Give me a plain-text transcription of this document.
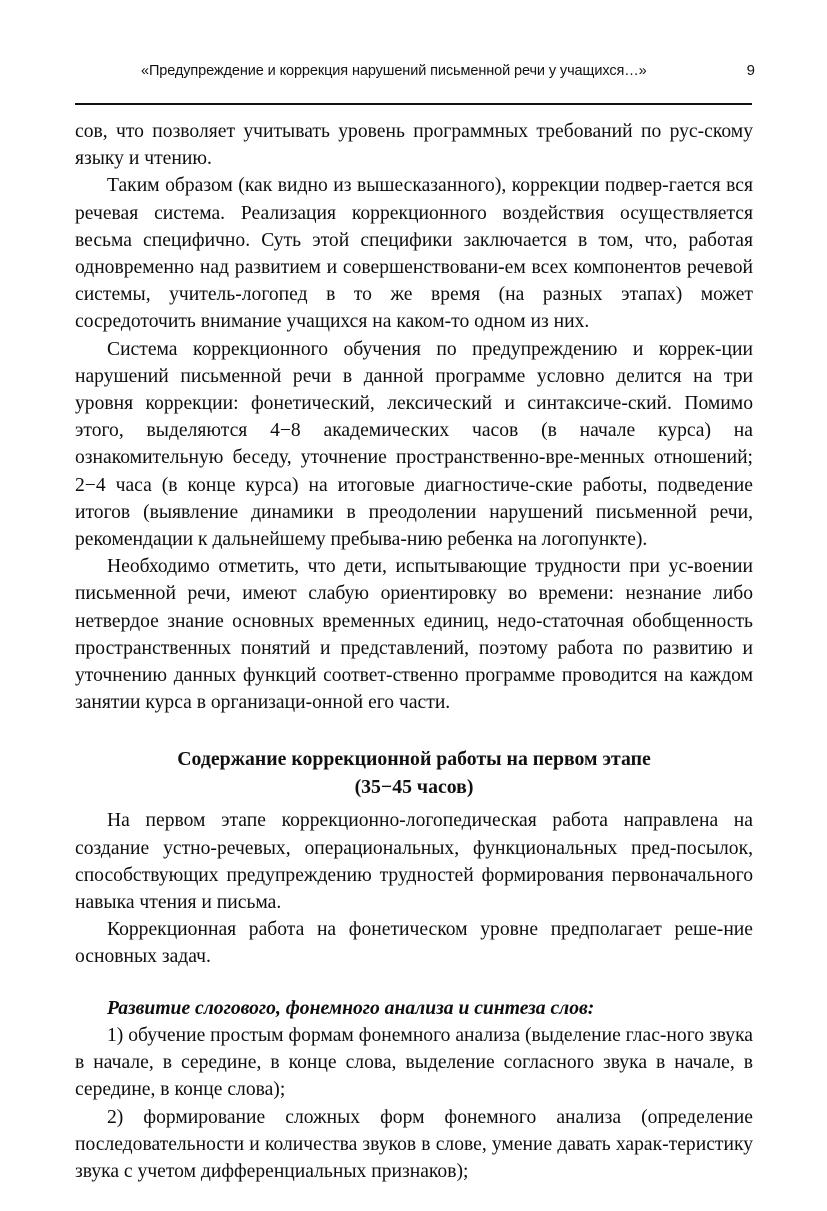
«Предупреждение и коррекция нарушений письменной речи у учащихся…»	9

сов, что позволяет учитывать уровень программных требований по рус-скому языку и чтению.

Таким образом (как видно из вышесказанного), коррекции подвер-гается вся речевая система. Реализация коррекционного воздействия осуществляется весьма специфично. Суть этой специфики заключается в том, что, работая одновременно над развитием и совершенствовани-ем всех компонентов речевой системы, учитель-логопед в то же время (на разных этапах) может сосредоточить внимание учащихся на каком-то одном из них.

Система коррекционного обучения по предупреждению и коррек-ции нарушений письменной речи в данной программе условно делится на три уровня коррекции: фонетический, лексический и синтаксиче-ский. Помимо этого, выделяются 4−8 академических часов (в начале курса) на ознакомительную беседу, уточнение пространственно-вре-менных отношений; 2−4 часа (в конце курса) на итоговые диагностиче-ские работы, подведение итогов (выявление динамики в преодолении нарушений письменной речи, рекомендации к дальнейшему пребыва-нию ребенка на логопункте).

Необходимо отметить, что дети, испытывающие трудности при ус-воении письменной речи, имеют слабую ориентировку во времени: незнание либо нетвердое знание основных временных единиц, недо-статочная обобщенность пространственных понятий и представлений, поэтому работа по развитию и уточнению данных функций соответ-ственно программе проводится на каждом занятии курса в организаци-онной его части.

Содержание коррекционной работы на первом этапе
(35−45 часов)

На первом этапе коррекционно-логопедическая работа направлена на создание устно-речевых, операциональных, функциональных пред-посылок, способствующих предупреждению трудностей формирования первоначального навыка чтения и письма.

Коррекционная работа на фонетическом уровне предполагает реше-ние основных задач.

Развитие слогового, фонемного анализа и синтеза слов:

1) обучение простым формам фонемного анализа (выделение глас-ного звука в начале, в середине, в конце слова, выделение согласного звука в начале, в середине, в конце слова);

2) формирование сложных форм фонемного анализа (определение последовательности и количества звуков в слове, умение давать харак-теристику звука с учетом дифференциальных признаков);
